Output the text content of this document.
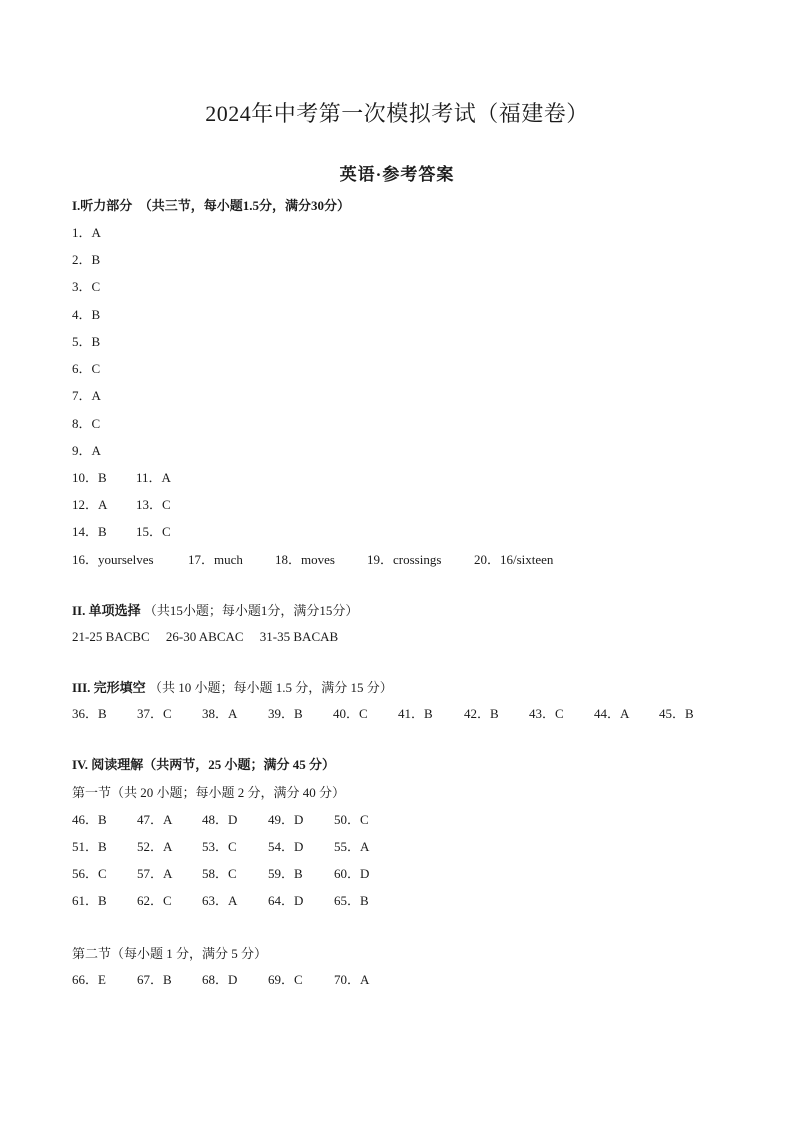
2024年中考第一次模拟考试（福建卷）
英语·参考答案
I.听力部分　（共三节，每小题1.5分，满分30分）
1．A
2．B
3．C
4．B
5．B
6．C
7．A
8．C
9．A
10．B 11．A
12．A 13．C
14．B 15．C
16．yourselves	17．much 18．moves 19．crossings	20．16/sixteen
II. 单项选择 （共15小题；每小题1分，满分15分）
21-25 BACBC　 26-30 ABCAC　 31-35 BACAB
III. 完形填空 （共 10 小题；每小题 1.5 分，满分 15 分）
36．B 37．C 38．A 39．B 40．C 41．B 42．B 43．C 44．A 45．B
IV. 阅读理解（共两节，25 小题；满分 45 分）
第一节（共 20 小题；每小题 2 分，满分 40 分）
46．B 47．A 48．D 49．D 50．C
51．B 52．A 53．C 54．D 55．A
56．C 57．A 58．C 59．B 60．D
61．B 62．C 63．A 64．D 65．B
第二节（每小题 1 分，满分 5 分）
66．E 67．B 68．D 69．C 70．A
